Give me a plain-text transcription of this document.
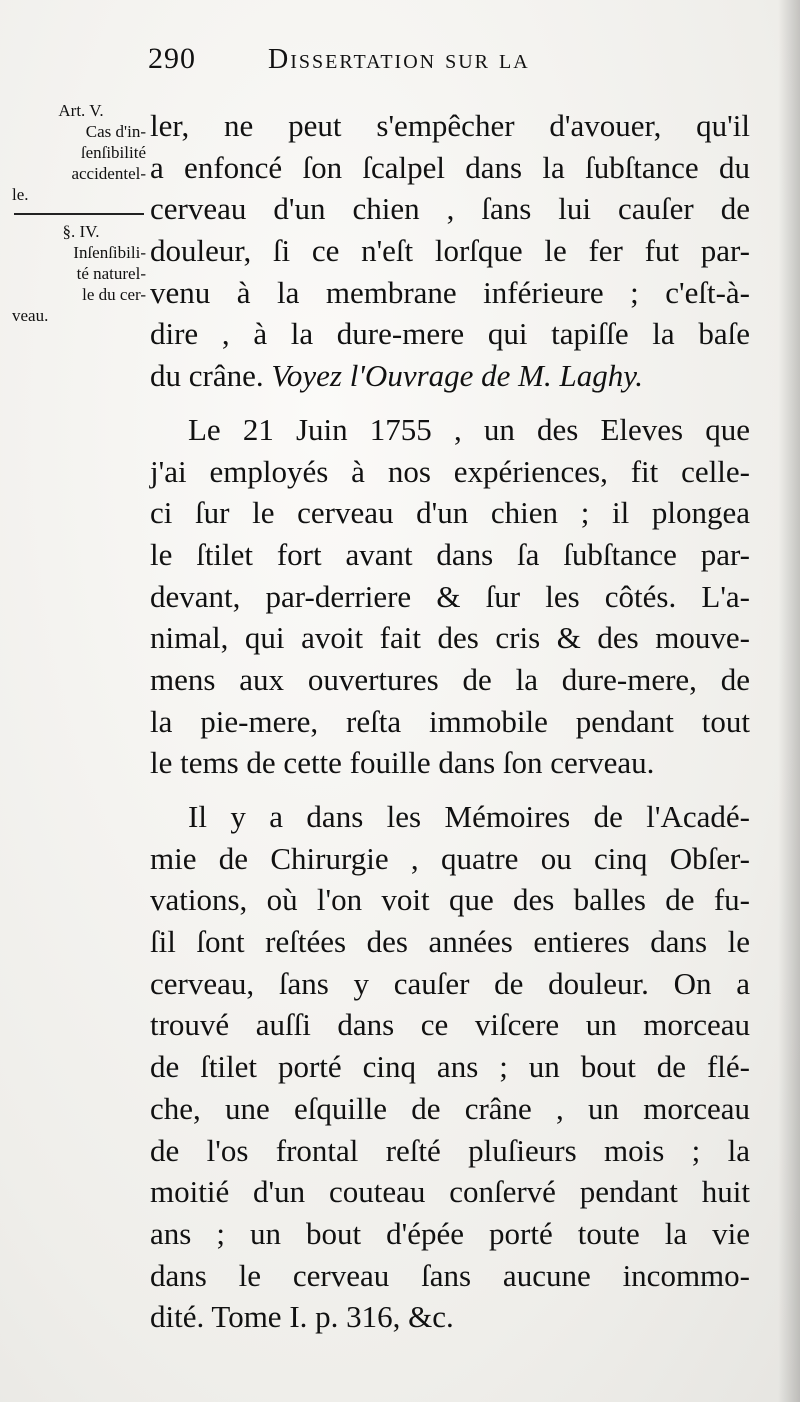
290	Dissertation sur la
Art. V.
Cas d'in-
ſenſibilité
accidentel-
le.
§. IV.
Inſenſibili-
té naturel-
le du cer-
veau.
ler, ne peut s'empêcher d'avouer, qu'il
a enfoncé ſon ſcalpel dans la ſubſtance du
cerveau d'un chien , ſans lui cauſer de
douleur, ſi ce n'eſt lorſque le fer fut par-
venu à la membrane inférieure ; c'eſt-à-
dire , à la dure-mere qui tapiſſe la baſe
du crâne. Voyez l'Ouvrage de M. Laghy.
Le 21 Juin 1755 , un des Eleves que
j'ai employés à nos expériences, fit celle-
ci ſur le cerveau d'un chien ; il plongea
le ſtilet fort avant dans ſa ſubſtance par-
devant, par-derriere & ſur les côtés. L'a-
nimal, qui avoit fait des cris & des mouve-
mens aux ouvertures de la dure-mere, de
la pie-mere, reſta immobile pendant tout
le tems de cette fouille dans ſon cerveau.
Il y a dans les Mémoires de l'Acadé-
mie de Chirurgie , quatre ou cinq Obſer-
vations, où l'on voit que des balles de fu-
ſil ſont reſtées des années entieres dans le
cerveau, ſans y cauſer de douleur. On a
trouvé auſſi dans ce viſcere un morceau
de ſtilet porté cinq ans ; un bout de flé-
che, une eſquille de crâne , un morceau
de l'os frontal reſté pluſieurs mois ; la
moitié d'un couteau conſervé pendant huit
ans ; un bout d'épée porté toute la vie
dans le cerveau ſans aucune incommo-
dité. Tome I. p. 316, &c.
